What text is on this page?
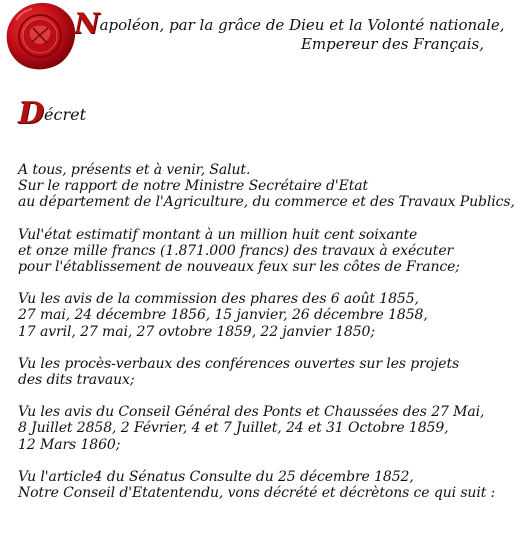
Napoléon, par la grâce de Dieu et la Volonté nationale,
Empereur des Français,
Décret
A tous, présents et à venir, Salut.
Sur le rapport de notre Ministre Secrétaire d'Etat
au département de l'Agriculture, du commerce et des Travaux Publics,
Vul'état estimatif montant à un million huit cent soixante
et onze mille francs (1.871.000 francs) des travaux à exécuter
pour l'établissement de nouveaux feux sur les côtes de France;
Vu les avis de la commission des phares des 6 août 1855,
27 mai, 24 décembre 1856, 15 janvier, 26 décembre 1858,
17 avril, 27 mai, 27 ovtobre 1859, 22 janvier 1850;
Vu les procès-verbaux des conférences ouvertes sur les projets
des dits travaux;
Vu les avis du Conseil Général des Ponts et Chaussées des 27 Mai,
8 Juillet 2858, 2 Février, 4 et 7 Juillet, 24 et 31 Octobre 1859,
12 Mars 1860;
Vu l'article4 du Sénatus Consulte du 25 décembre 1852,
Notre Conseil d'Etatentendu, vons décrété et décrètons ce qui suit :
